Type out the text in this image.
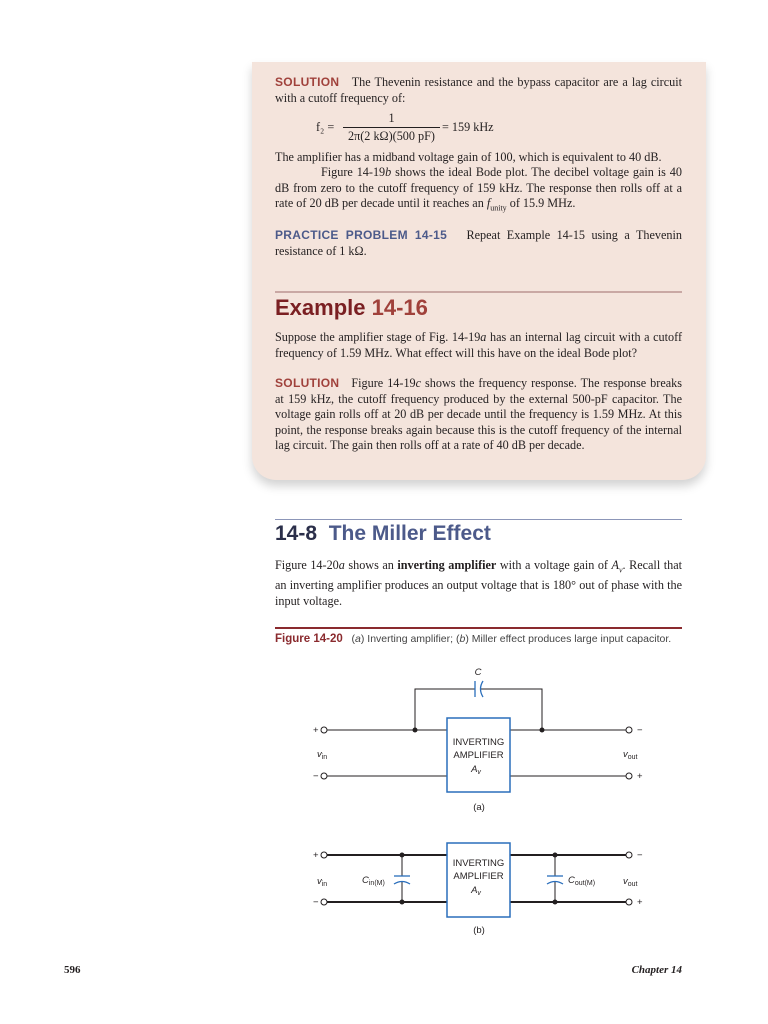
SOLUTION The Thevenin resistance and the bypass capacitor are a lag circuit with a cutoff frequency of:
f₂ =
1
2π(2 kΩ)(500 pF)
= 159 kHz
The amplifier has a midband voltage gain of 100, which is equivalent to 40 dB.
Figure 14-19b shows the ideal Bode plot. The decibel voltage gain is 40 dB from zero to the cutoff frequency of 159 kHz. The response then rolls off at a rate of 20 dB per decade until it reaches an $f_{unity}$ of 15.9 MHz.
PRACTICE PROBLEM 14-15 Repeat Example 14-15 using a Thevenin resistance of 1 kΩ.
Example 14-16
Suppose the amplifier stage of Fig. 14-19a has an internal lag circuit with a cutoff frequency of 1.59 MHz. What effect will this have on the ideal Bode plot?
SOLUTION Figure 14-19c shows the frequency response. The response breaks at 159 kHz, the cutoff frequency produced by the external 500-pF capacitor. The voltage gain rolls off at 20 dB per decade until the frequency is 1.59 MHz. At this point, the response breaks again because this is the cutoff frequency of the internal lag circuit. The gain then rolls off at a rate of 40 dB per decade.
14-8 The Miller Effect
Figure 14-20a shows an inverting amplifier with a voltage gain of $A_v$. Recall that an inverting amplifier produces an output voltage that is 180° out of phase with the input voltage.
Figure 14-20 (a) Inverting amplifier; (b) Miller effect produces large input capacitor.
C
INVERTING
AMPLIFIER
$A_v$
+
−
$v_{in}$
−
+
$v_{out}$
(a)
INVERTING
AMPLIFIER
$A_v$
+
−
$v_{in}$	$C_{in(M)}$	$C_{out(M)}$
−
+
$v_{out}$
(b)
596	Chapter 14
